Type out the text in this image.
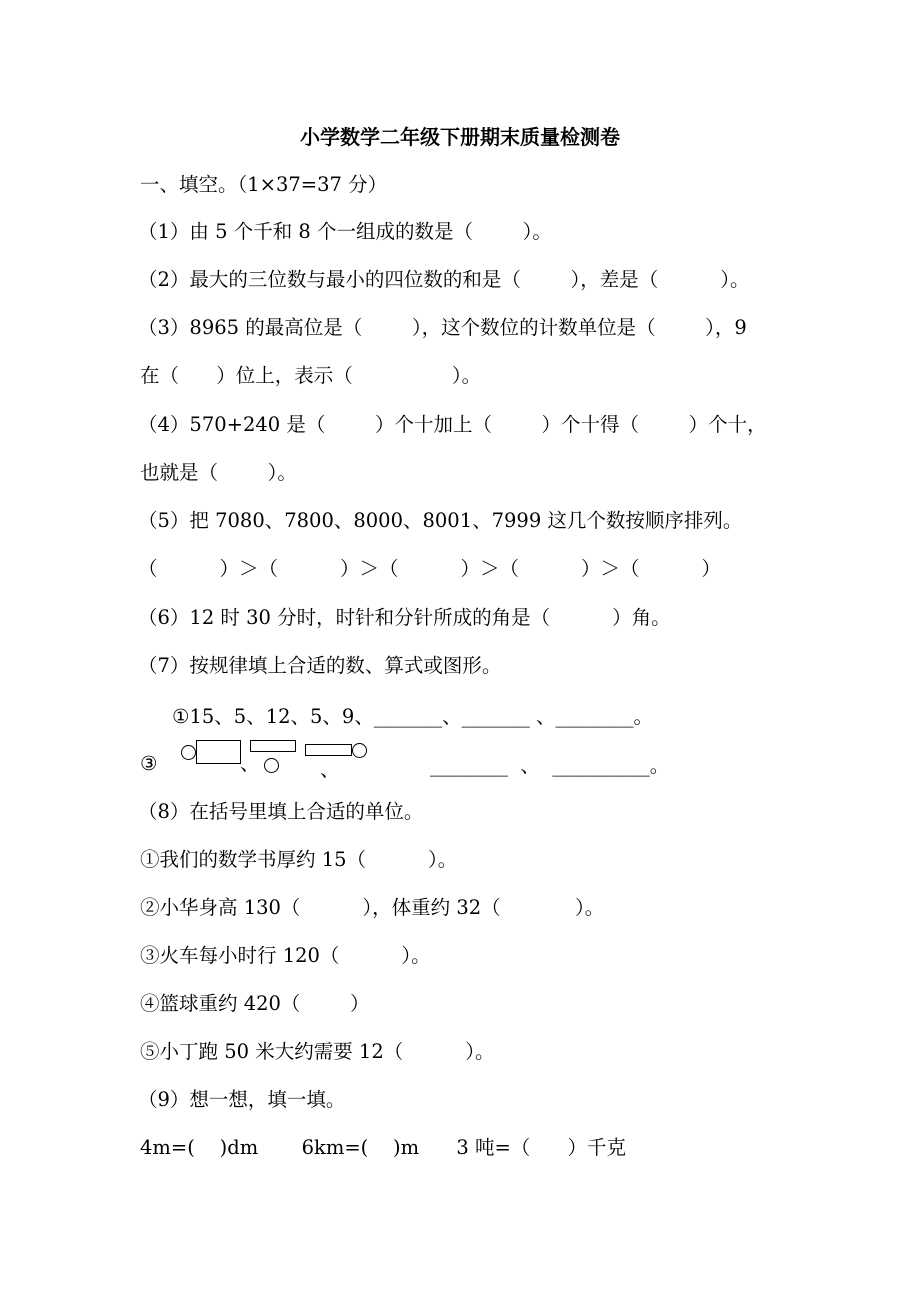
小学数学二年级下册期末质量检测卷
一、填空。（1×37=37 分）
（1）由 5 个千和 8 个一组成的数是（        ）。
（2）最大的三位数与最小的四位数的和是（        ），差是（          ）。
（3）8965 的最高位是（        ），这个数位的计数单位是（        ），9
在（      ）位上，表示（                ）。
（4）570+240 是（        ）个十加上（        ）个十得（        ）个十，
也就是（        ）。
（5）把 7080、7800、8000、8001、7999 这几个数按顺序排列。
（          ）＞（          ）＞（          ）＞（          ）＞（          ）
（6）12 时 30 分时，时针和分针所成的角是（          ）角。
（7）按规律填上合适的数、算式或图形。
①15、5、12、5、9、_______、_______ 、________。
③	、	、	________  、  __________。
（8）在括号里填上合适的单位。
①我们的数学书厚约 15（          ）。
②小华身高 130（          ），体重约 32（            ）。
③火车每小时行 120（          ）。
④篮球重约 420（        ）
⑤小丁跑 50 米大约需要 12（          ）。
（9）想一想，填一填。
4m=(    )dm       6km=(    )m      3 吨=（      ）千克
